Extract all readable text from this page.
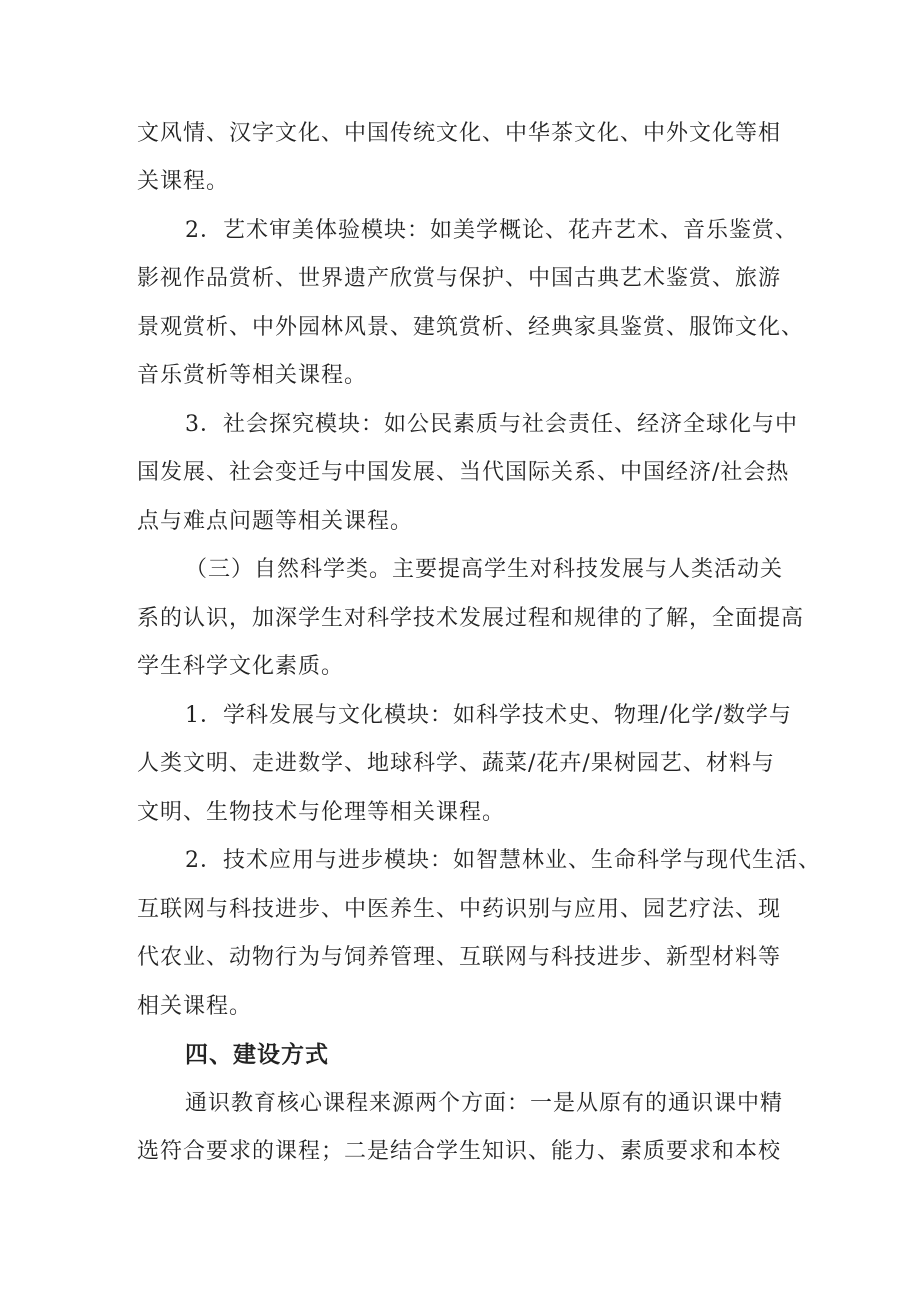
文风情、汉字文化、中国传统文化、中华茶文化、中外文化等相
关课程。
2．艺术审美体验模块：如美学概论、花卉艺术、音乐鉴赏、
影视作品赏析、世界遗产欣赏与保护、中国古典艺术鉴赏、旅游
景观赏析、中外园林风景、建筑赏析、经典家具鉴赏、服饰文化、
音乐赏析等相关课程。
3．社会探究模块：如公民素质与社会责任、经济全球化与中
国发展、社会变迁与中国发展、当代国际关系、中国经济/社会热
点与难点问题等相关课程。
（三）自然科学类。主要提高学生对科技发展与人类活动关
系的认识，加深学生对科学技术发展过程和规律的了解，全面提高
学生科学文化素质。
1．学科发展与文化模块：如科学技术史、物理/化学/数学与
人类文明、走进数学、地球科学、蔬菜/花卉/果树园艺、材料与
文明、生物技术与伦理等相关课程。
2．技术应用与进步模块：如智慧林业、生命科学与现代生活、
互联网与科技进步、中医养生、中药识别与应用、园艺疗法、现
代农业、动物行为与饲养管理、互联网与科技进步、新型材料等
相关课程。
四、建设方式
通识教育核心课程来源两个方面：一是从原有的通识课中精
选符合要求的课程；二是结合学生知识、能力、素质要求和本校
